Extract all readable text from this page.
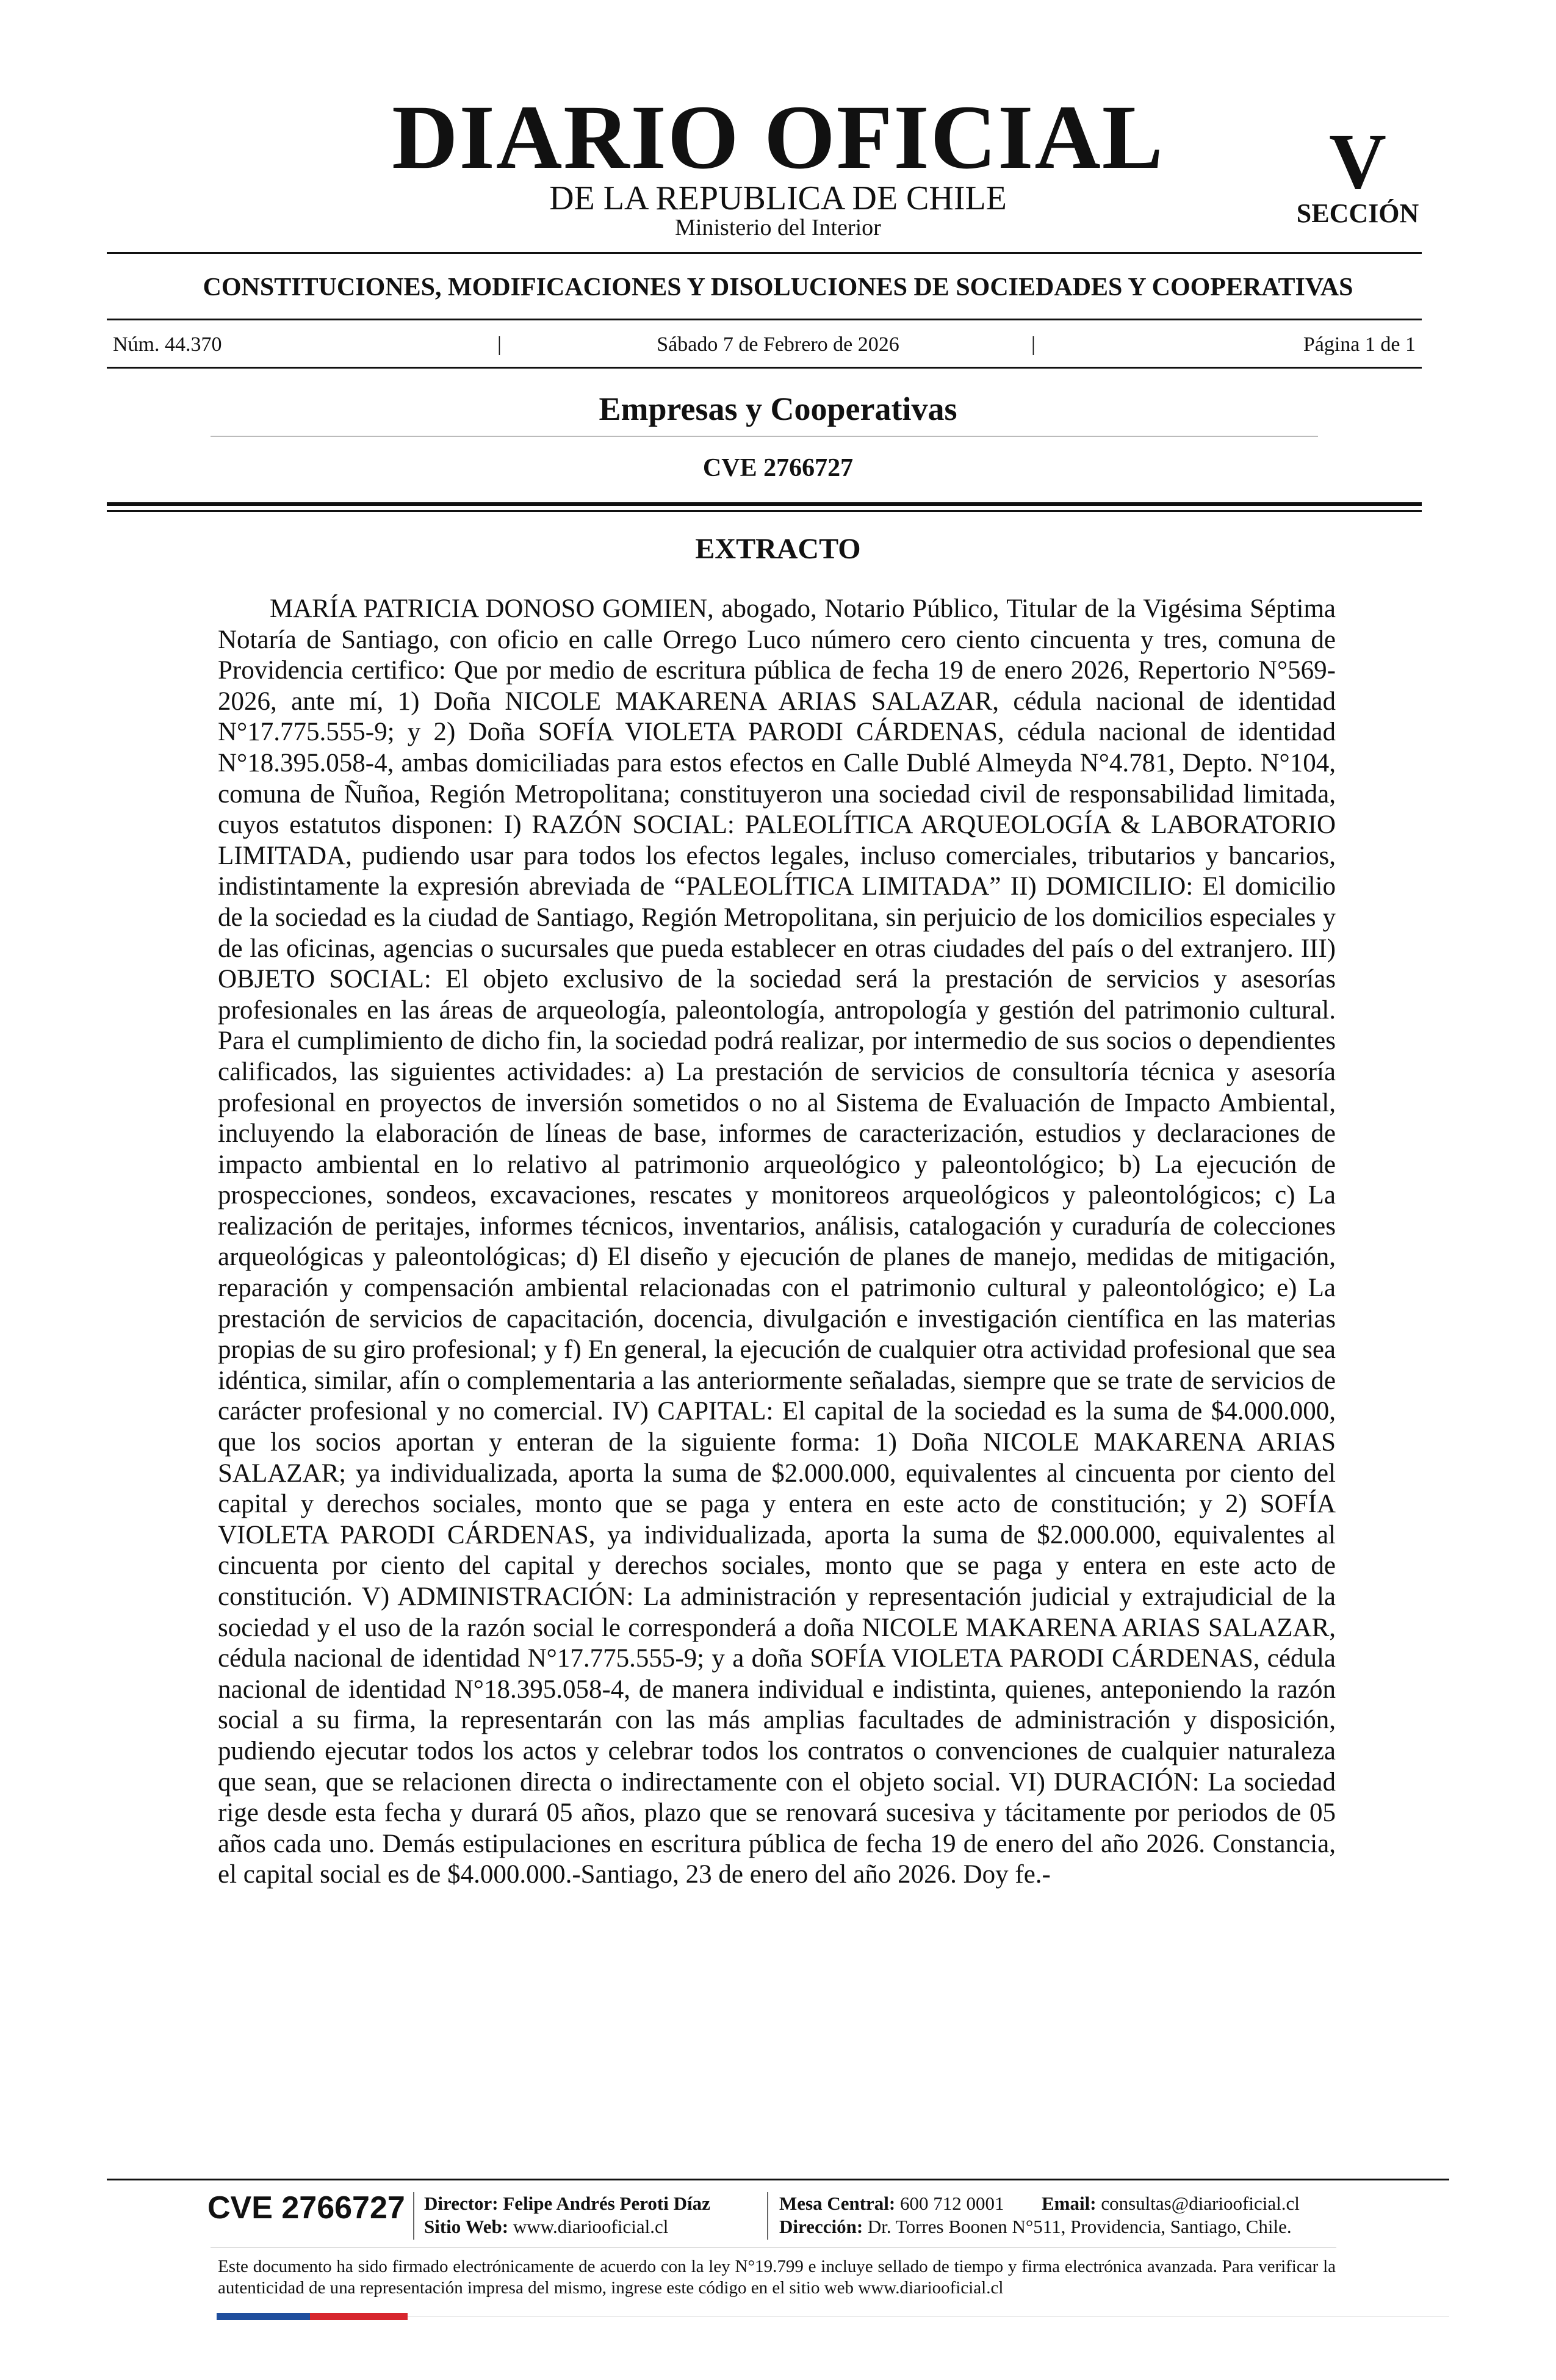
DIARIO OFICIAL
DE LA REPUBLICA DE CHILE
Ministerio del Interior
V
SECCIÓN
CONSTITUCIONES, MODIFICACIONES Y DISOLUCIONES DE SOCIEDADES Y COOPERATIVAS
Núm. 44.370	|	Sábado 7 de Febrero de 2026	|	Página 1 de 1
Empresas y Cooperativas
CVE 2766727
EXTRACTO
MARÍA PATRICIA DONOSO GOMIEN, abogado, Notario Público, Titular de la Vigésima Séptima Notaría de Santiago, con oficio en calle Orrego Luco número cero ciento cincuenta y tres, comuna de Providencia certifico: Que por medio de escritura pública de fecha 19 de enero 2026, Repertorio N°569-2026, ante mí, 1) Doña NICOLE MAKARENA ARIAS SALAZAR, cédula nacional de identidad N°17.775.555-9; y 2) Doña SOFÍA VIOLETA PARODI CÁRDENAS, cédula nacional de identidad N°18.395.058-4, ambas domiciliadas para estos efectos en Calle Dublé Almeyda N°4.781, Depto. N°104, comuna de Ñuñoa, Región Metropolitana; constituyeron una sociedad civil de responsabilidad limitada, cuyos estatutos disponen: I) RAZÓN SOCIAL: PALEOLÍTICA ARQUEOLOGÍA & LABORATORIO LIMITADA, pudiendo usar para todos los efectos legales, incluso comerciales, tributarios y bancarios, indistintamente la expresión abreviada de “PALEOLÍTICA LIMITADA” II) DOMICILIO: El domicilio de la sociedad es la ciudad de Santiago, Región Metropolitana, sin perjuicio de los domicilios especiales y de las oficinas, agencias o sucursales que pueda establecer en otras ciudades del país o del extranjero. III) OBJETO SOCIAL: El objeto exclusivo de la sociedad será la prestación de servicios y asesorías profesionales en las áreas de arqueología, paleontología, antropología y gestión del patrimonio cultural. Para el cumplimiento de dicho fin, la sociedad podrá realizar, por intermedio de sus socios o dependientes calificados, las siguientes actividades: a) La prestación de servicios de consultoría técnica y asesoría profesional en proyectos de inversión sometidos o no al Sistema de Evaluación de Impacto Ambiental, incluyendo la elaboración de líneas de base, informes de caracterización, estudios y declaraciones de impacto ambiental en lo relativo al patrimonio arqueológico y paleontológico; b) La ejecución de prospecciones, sondeos, excavaciones, rescates y monitoreos arqueológicos y paleontológicos; c) La realización de peritajes, informes técnicos, inventarios, análisis, catalogación y curaduría de colecciones arqueológicas y paleontológicas; d) El diseño y ejecución de planes de manejo, medidas de mitigación, reparación y compensación ambiental relacionadas con el patrimonio cultural y paleontológico; e) La prestación de servicios de capacitación, docencia, divulgación e investigación científica en las materias propias de su giro profesional; y f) En general, la ejecución de cualquier otra actividad profesional que sea idéntica, similar, afín o complementaria a las anteriormente señaladas, siempre que se trate de servicios de carácter profesional y no comercial. IV) CAPITAL: El capital de la sociedad es la suma de $4.000.000, que los socios aportan y enteran de la siguiente forma: 1) Doña NICOLE MAKARENA ARIAS SALAZAR; ya individualizada, aporta la suma de $2.000.000, equivalentes al cincuenta por ciento del capital y derechos sociales, monto que se paga y entera en este acto de constitución; y 2) SOFÍA VIOLETA PARODI CÁRDENAS, ya individualizada, aporta la suma de $2.000.000, equivalentes al cincuenta por ciento del capital y derechos sociales, monto que se paga y entera en este acto de constitución. V) ADMINISTRACIÓN: La administración y representación judicial y extrajudicial de la sociedad y el uso de la razón social le corresponderá a doña NICOLE MAKARENA ARIAS SALAZAR, cédula nacional de identidad N°17.775.555-9; y a doña SOFÍA VIOLETA PARODI CÁRDENAS, cédula nacional de identidad N°18.395.058-4, de manera individual e indistinta, quienes, anteponiendo la razón social a su firma, la representarán con las más amplias facultades de administración y disposición, pudiendo ejecutar todos los actos y celebrar todos los contratos o convenciones de cualquier naturaleza que sean, que se relacionen directa o indirectamente con el objeto social. VI) DURACIÓN: La sociedad rige desde esta fecha y durará 05 años, plazo que se renovará sucesiva y tácitamente por periodos de 05 años cada uno. Demás estipulaciones en escritura pública de fecha 19 de enero del año 2026. Constancia, el capital social es de $4.000.000.-Santiago, 23 de enero del año 2026. Doy fe.-
CVE 2766727 Director: Felipe Andrés Peroti Díaz
Sitio Web: www.diariooficial.cl
Mesa Central: 600 712 0001 Email: consultas@diariooficial.cl
Dirección: Dr. Torres Boonen N°511, Providencia, Santiago, Chile.
Este documento ha sido firmado electrónicamente de acuerdo con la ley N°19.799 e incluye sellado de tiempo y firma electrónica avanzada. Para verificar la autenticidad de una representación impresa del mismo, ingrese este código en el sitio web www.diariooficial.cl
